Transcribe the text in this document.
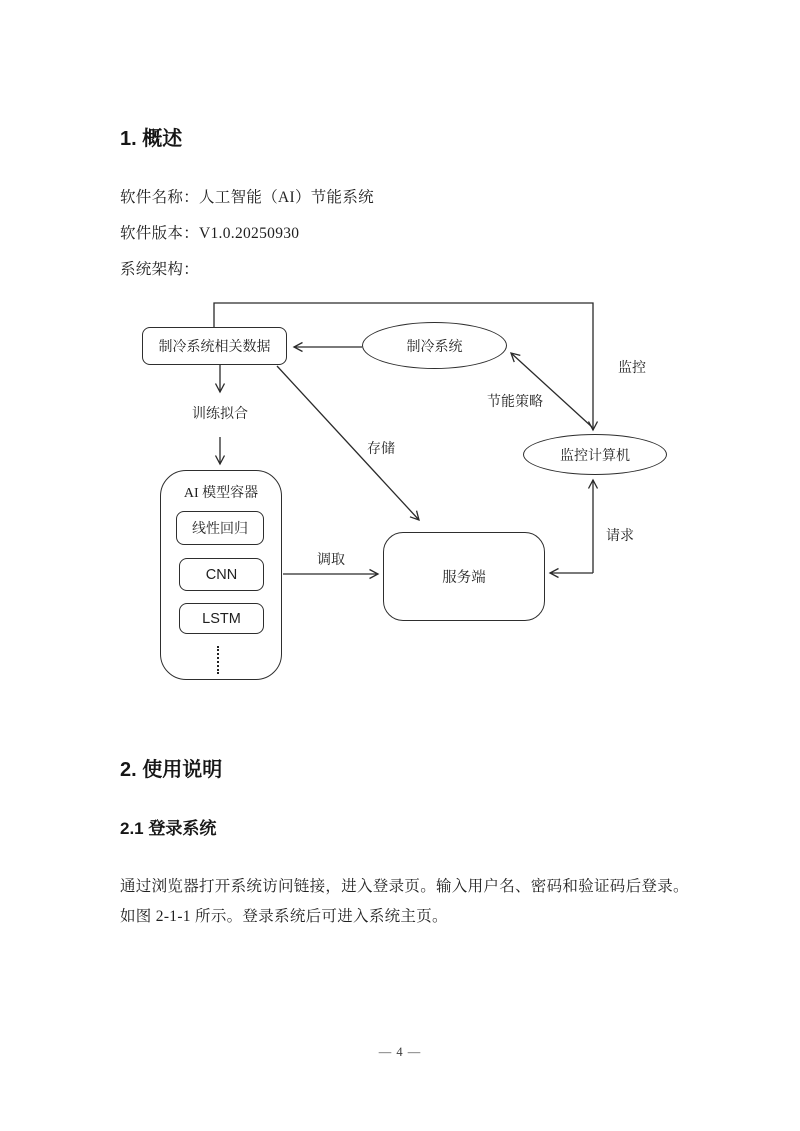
1. 概述
软件名称：人工智能（AI）节能系统
软件版本：V1.0.20250930
系统架构：
制冷系统相关数据	制冷系统
监控计算机
服务端
AI 模型容器
线性回归
CNN
LSTM
监控
节能策略
训练拟合
存储
调取
请求
2. 使用说明
2.1 登录系统
通过浏览器打开系统访问链接，进入登录页。输入用户名、密码和验证码后登录。
如图 2-1-1 所示。登录系统后可进入系统主页。
— 4 —
